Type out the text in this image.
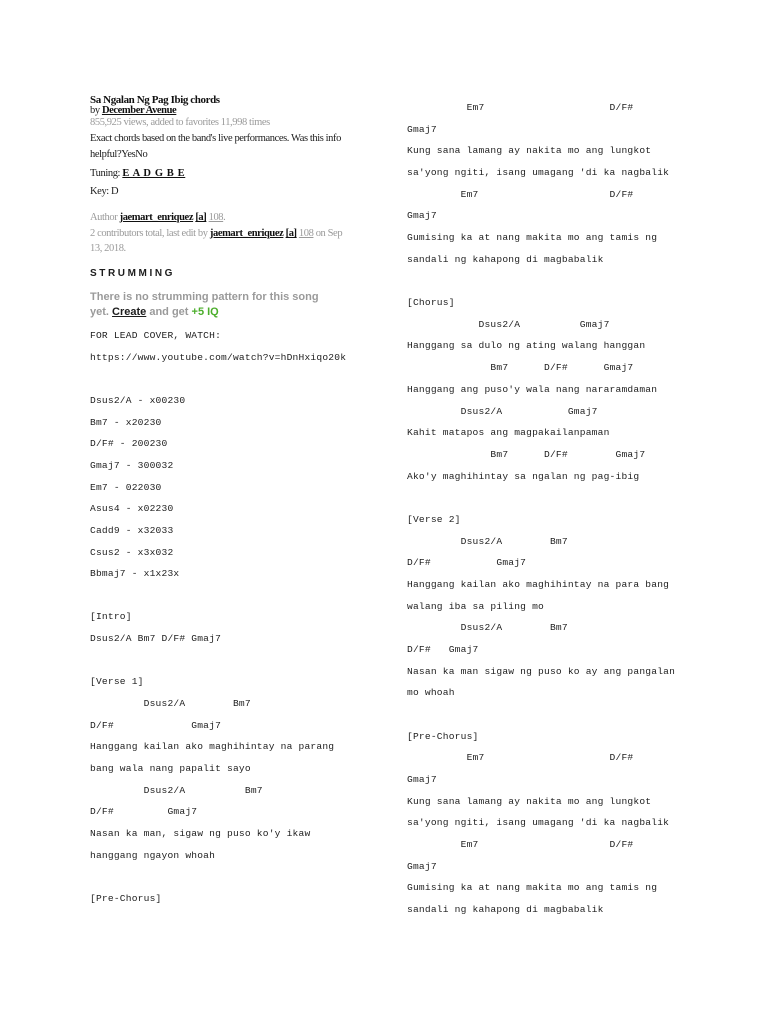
Sa Ngalan Ng Pag Ibig chords
by December Avenue
855,925 views, added to favorites 11,998 times
Exact chords based on the band's live performances. Was this info
helpful?YesNo
Tuning: E A D G B E
Key: D
Author jaemart_enriquez [a] 108.
2 contributors total, last edit by jaemart_enriquez [a] 108 on Sep
13, 2018.
STRUMMING
There is no strumming pattern for this song
yet. Create and get +5 IQ
FOR LEAD COVER, WATCH:
https://www.youtube.com/watch?v=hDnHxiqo20k
Dsus2/A - x00230
Bm7 - x20230
D/F# - 200230
Gmaj7 - 300032
Em7 - 022030
Asus4 - x02230
Cadd9 - x32033
Csus2 - x3x032
Bbmaj7 - x1x23x
[Intro]
Dsus2/A Bm7 D/F# Gmaj7
[Verse 1]
Dsus2/A        Bm7
D/F#             Gmaj7
Hanggang kailan ako maghihintay na parang
bang wala nang papalit sayo
Dsus2/A          Bm7
D/F#         Gmaj7
Nasan ka man, sigaw ng puso ko'y ikaw
hanggang ngayon whoah
[Pre-Chorus]
Em7                     D/F#
Gmaj7
Kung sana lamang ay nakita mo ang lungkot
sa'yong ngiti, isang umagang 'di ka nagbalik
Em7                      D/F#
Gmaj7
Gumising ka at nang makita mo ang tamis ng
sandali ng kahapong di magbabalik
[Chorus]
Dsus2/A          Gmaj7
Hanggang sa dulo ng ating walang hanggan
Bm7      D/F#      Gmaj7
Hanggang ang puso'y wala nang nararamdaman
Dsus2/A           Gmaj7
Kahit matapos ang magpakailanpaman
Bm7      D/F#        Gmaj7
Ako'y maghihintay sa ngalan ng pag-ibig
[Verse 2]
Dsus2/A        Bm7
D/F#           Gmaj7
Hanggang kailan ako maghihintay na para bang
walang iba sa piling mo
Dsus2/A        Bm7
D/F#   Gmaj7
Nasan ka man sigaw ng puso ko ay ang pangalan
mo whoah
[Pre-Chorus]
Em7                     D/F#
Gmaj7
Kung sana lamang ay nakita mo ang lungkot
sa'yong ngiti, isang umagang 'di ka nagbalik
Em7                      D/F#
Gmaj7
Gumising ka at nang makita mo ang tamis ng
sandali ng kahapong di magbabalik
